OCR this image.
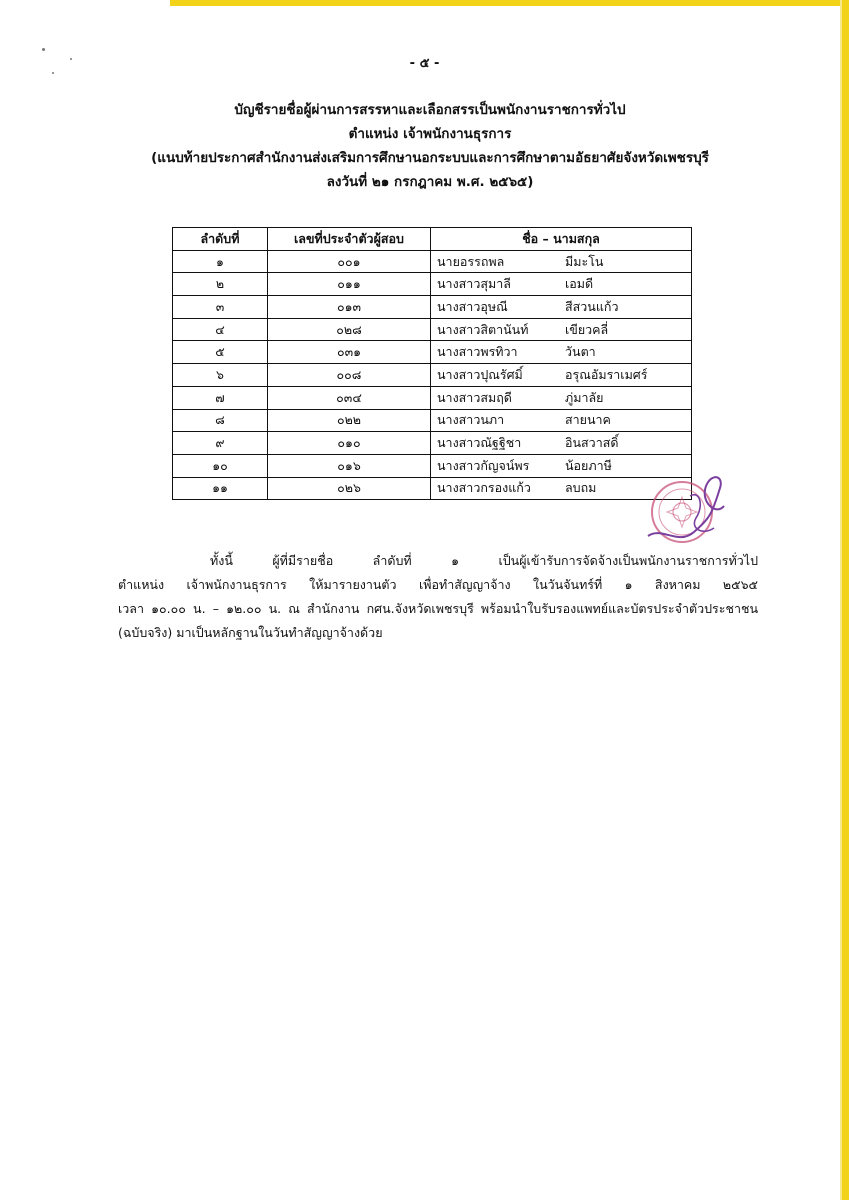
- ๕ -
บัญชีรายชื่อผู้ผ่านการสรรหาและเลือกสรรเป็นพนักงานราชการทั่วไป
ตำแหน่ง เจ้าพนักงานธุรการ
(แนบท้ายประกาศสำนักงานส่งเสริมการศึกษานอกระบบและการศึกษาตามอัธยาศัยจังหวัดเพชรบุรี
ลงวันที่ ๒๑ กรกฎาคม พ.ศ. ๒๕๖๕)
ลำดับที่	เลขที่ประจำตัวผู้สอบ	ชื่อ – นามสกุล
๑	๐๐๑	นายอรรถพล มีมะโน

๒	๐๑๑	นางสาวสุมาลี เอมดี

๓	๐๑๓	นางสาวอุษณี สีสวนแก้ว

๔	๐๒๘	นางสาวสิตานันท์ เขียวคลี่

๕	๐๓๑	นางสาวพรทิวา วันตา

๖	๐๐๘	นางสาวปุณรัศมิ์ อรุณอัมราเมศร์

๗	๐๓๔	นางสาวสมฤดี ภู่มาลัย

๘	๐๒๒	นางสาวนภา สายนาค

๙	๐๑๐	นางสาวณัฐฐิชา อินสวาสดิ์

๑๐	๐๑๖	นางสาวกัญจน์พร น้อยภาษี

๑๑	๐๒๖	นางสาวกรองแก้ว ลบถม

ทั้งนี้ ผู้ที่มีรายชื่อ ลำดับที่ ๑ เป็นผู้เข้ารับการจัดจ้างเป็นพนักงานราชการทั่วไป

ตำแหน่ง เจ้าพนักงานธุรการ ให้มารายงานตัว เพื่อทำสัญญาจ้าง ในวันจันทร์ที่ ๑ สิงหาคม ๒๕๖๕

เวลา ๑๐.๐๐ น. – ๑๒.๐๐ น. ณ สำนักงาน กศน.จังหวัดเพชรบุรี พร้อมนำใบรับรองแพทย์และบัตรประจำตัวประชาชน

(ฉบับจริง) มาเป็นหลักฐานในวันทำสัญญาจ้างด้วย
